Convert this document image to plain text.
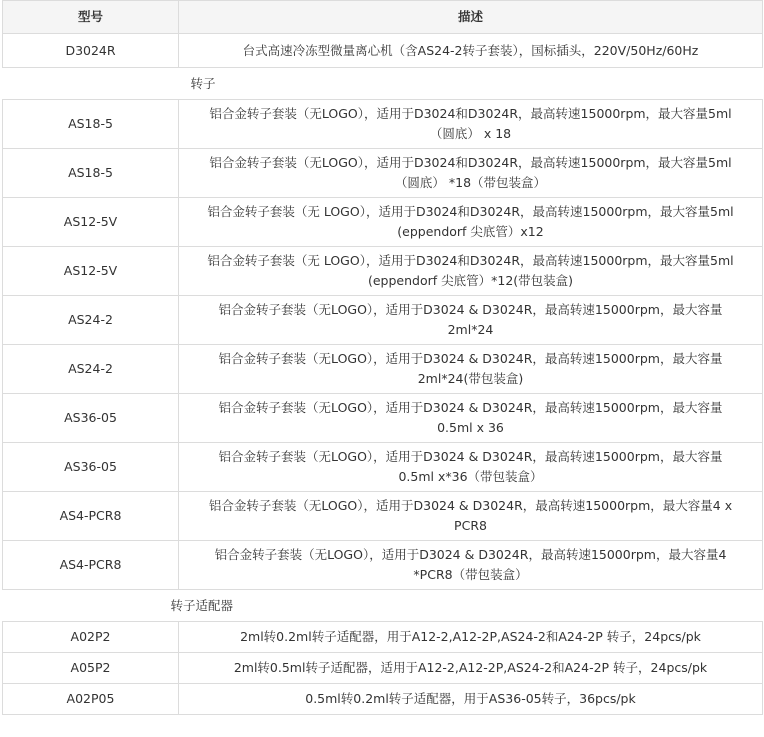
型号	描述
D3024R	台式高速冷冻型微量离心机（含AS24-2转子套装），国标插头，220V/50Hz/60Hz
转子	
AS18-5	铝合金转子套装（无LOGO），适用于D3024和D3024R，最高转速15000rpm，最大容量5ml
（圆底） x 18

AS18-5	铝合金转子套装（无LOGO），适用于D3024和D3024R，最高转速15000rpm，最大容量5ml
（圆底） *18（带包装盒）

AS12-5V	铝合金转子套装（无 LOGO），适用于D3024和D3024R，最高转速15000rpm，最大容量5ml
(eppendorf 尖底管）x12

AS12-5V	铝合金转子套装（无 LOGO），适用于D3024和D3024R，最高转速15000rpm，最大容量5ml
(eppendorf 尖底管）*12(带包装盒)

AS24-2	铝合金转子套装（无LOGO），适用于D3024 & D3024R，最高转速15000rpm，最大容量
2ml*24

AS24-2	铝合金转子套装（无LOGO），适用于D3024 & D3024R，最高转速15000rpm，最大容量
2ml*24(带包装盒)

AS36-05	铝合金转子套装（无LOGO），适用于D3024 & D3024R，最高转速15000rpm，最大容量
0.5ml x 36

AS36-05	铝合金转子套装（无LOGO），适用于D3024 & D3024R，最高转速15000rpm，最大容量
0.5ml x*36（带包装盒）

AS4-PCR8	铝合金转子套装（无LOGO），适用于D3024 & D3024R，最高转速15000rpm，最大容量4 x
PCR8

AS4-PCR8	铝合金转子套装（无LOGO），适用于D3024 & D3024R，最高转速15000rpm，最大容量4
*PCR8（带包装盒）

转子适配器	
A02P2	2ml转0.2ml转子适配器，用于A12-2,A12-2P,AS24-2和A24-2P 转子，24pcs/pk
A05P2	2ml转0.5ml转子适配器，适用于A12-2,A12-2P,AS24-2和A24-2P 转子，24pcs/pk
A02P05	0.5ml转0.2ml转子适配器，用于AS36-05转子，36pcs/pk
